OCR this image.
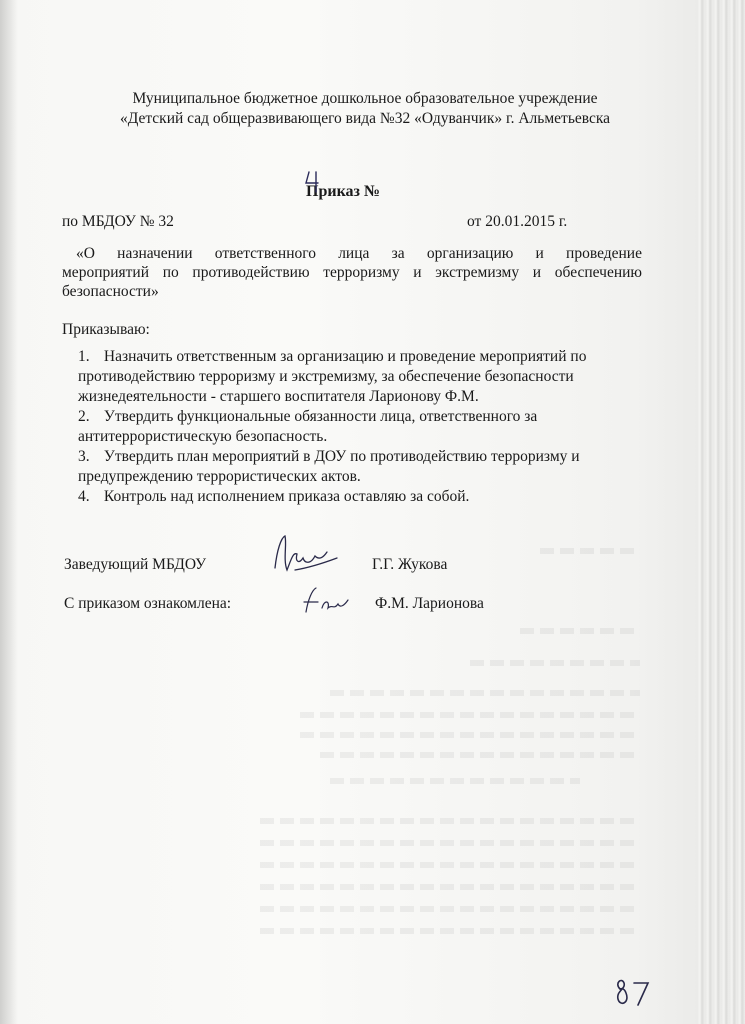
Муниципальное бюджетное дошкольное образовательное учреждение
«Детский сад общеразвивающего вида №32 «Одуванчик» г. Альметьевска
Приказ №
по МБДОУ № 32	от 20.01.2015 г.
«О назначении ответственного лица за организацию и проведение
мероприятий по противодействию терроризму и экстремизму и обеспечению
безопасности»
Приказываю:
1. Назначить ответственным за организацию и проведение мероприятий по
противодействию терроризму и экстремизму, за обеспечение безопасности
жизнедеятельности - старшего воспитателя Ларионову Ф.М.
2. Утвердить функциональные обязанности лица, ответственного за
антитеррористическую безопасность.
3. Утвердить план мероприятий в ДОУ по противодействию терроризму и
предупреждению террористических актов.
4. Контроль над исполнением приказа оставляю за собой.
Заведующий МБДОУ	Г.Г. Жукова
С приказом ознакомлена:	Ф.М. Ларионова
